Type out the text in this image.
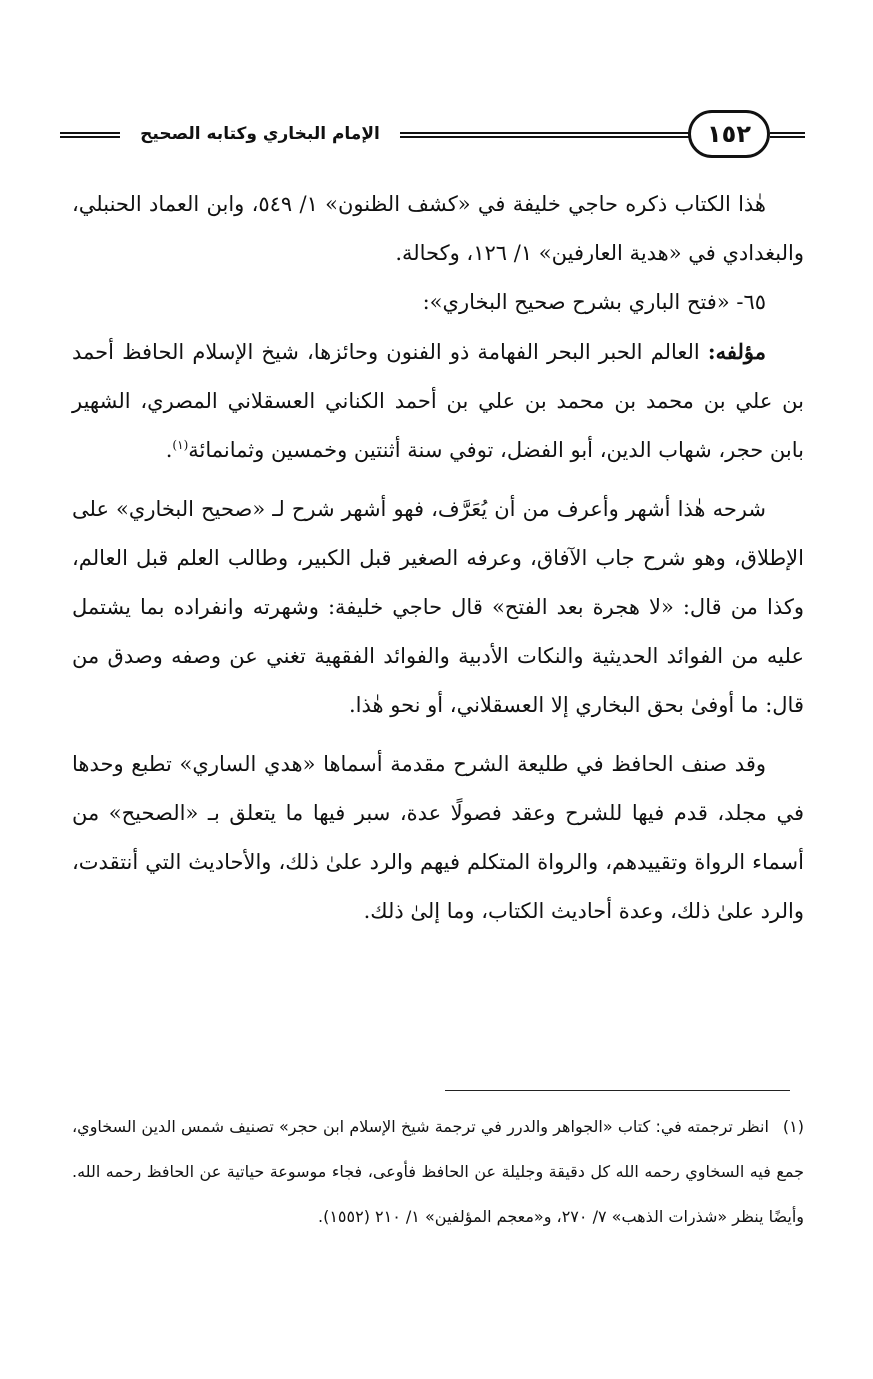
الإمام البخاري وكتابه الصحيح	١٥٢

هٰذا الكتاب ذكره حاجي خليفة في «كشف الظنون» ١/ ٥٤٩، وابن العماد الحنبلي، والبغدادي في «هدية العارفين» ١/ ١٢٦، وكحالة.

٦٥- «فتح الباري بشرح صحيح البخاري»:

مؤلفه: العالم الحبر البحر الفهامة ذو الفنون وحائزها، شيخ الإسلام الحافظ أحمد بن علي بن محمد بن محمد بن علي بن أحمد الكناني العسقلاني المصري، الشهير بابن حجر، شهاب الدين، أبو الفضل، توفي سنة أثنتين وخمسين وثمانمائة$^{(١)}$.

شرحه هٰذا أشهر وأعرف من أن يُعَرَّف، فهو أشهر شرح لـ «صحيح البخاري» على الإطلاق، وهو شرح جاب الآفاق، وعرفه الصغير قبل الكبير، وطالب العلم قبل العالم، وكذا من قال: «لا هجرة بعد الفتح» قال حاجي خليفة: وشهرته وانفراده بما يشتمل عليه من الفوائد الحديثية والنكات الأدبية والفوائد الفقهية تغني عن وصفه وصدق من قال: ما أوفىٰ بحق البخاري إلا العسقلاني، أو نحو هٰذا.

وقد صنف الحافظ في طليعة الشرح مقدمة أسماها «هدي الساري» تطبع وحدها في مجلد، قدم فيها للشرح وعقد فصولًا عدة، سبر فيها ما يتعلق بـ «الصحيح» من أسماء الرواة وتقييدهم، والرواة المتكلم فيهم والرد علىٰ ذلك، والأحاديث التي أنتقدت، والرد علىٰ ذلك، وعدة أحاديث الكتاب، وما إلىٰ ذلك.

(١)انظر ترجمته في: كتاب «الجواهر والدرر في ترجمة شيخ الإسلام ابن حجر» تصنيف شمس الدين السخاوي، جمع فيه السخاوي رحمه الله كل دقيقة وجليلة عن الحافظ فأوعى، فجاء موسوعة حياتية عن الحافظ رحمه الله. وأيضًا ينظر «شذرات الذهب» ٧/ ٢٧٠، و«معجم المؤلفين» ١/ ٢١٠ (١٥٥٢).
